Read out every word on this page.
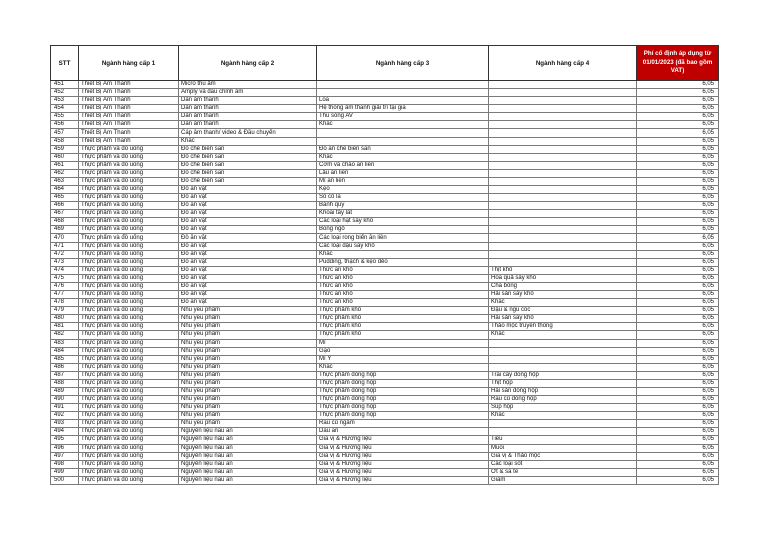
STT	Ngành hàng cấp 1	Ngành hàng cấp 2	Ngành hàng cấp 3	Ngành hàng cấp 4	Phí cố định áp dụng từ 01/01/2023 (đã bao gồm VAT)
451	Thiết Bị Âm Thanh	Micro thu âm			6,05
452	Thiết Bị Âm Thanh	Amply và đầu chỉnh âm			6,05
453	Thiết Bị Âm Thanh	Dàn âm thanh	Loa		6,05
454	Thiết Bị Âm Thanh	Dàn âm thanh	Hệ thống âm thanh giải trí tại gia		6,05
455	Thiết Bị Âm Thanh	Dàn âm thanh	Thu sóng AV		6,05
456	Thiết Bị Âm Thanh	Dàn âm thanh	Khác		6,05
457	Thiết Bị Âm Thanh	Cáp âm thanh/ video & Đầu chuyển			6,05
458	Thiết Bị Âm Thanh	Khác			6,05
459	Thực phẩm và đồ uống	Đồ chế biến sẵn	Đồ ăn chế biến sẵn		6,05
460	Thực phẩm và đồ uống	Đồ chế biến sẵn	Khác		6,05
461	Thực phẩm và đồ uống	Đồ chế biến sẵn	Cơm và cháo ăn liền		6,05
462	Thực phẩm và đồ uống	Đồ chế biến sẵn	Lẩu ăn liền		6,05
463	Thực phẩm và đồ uống	Đồ chế biến sẵn	Mì ăn liền		6,05
464	Thực phẩm và đồ uống	Đồ ăn vặt	Kẹo		6,05
465	Thực phẩm và đồ uống	Đồ ăn vặt	Sô cô la		6,05
466	Thực phẩm và đồ uống	Đồ ăn vặt	Bánh quy		6,05
467	Thực phẩm và đồ uống	Đồ ăn vặt	Khoai tây lát		6,05
468	Thực phẩm và đồ uống	Đồ ăn vặt	Các loại hạt sấy khô		6,05
469	Thực phẩm và đồ uống	Đồ ăn vặt	Bỏng ngô		6,05
470	Thực phẩm và đồ uống	Đồ ăn vặt	Các loại rong biển ăn liền		6,05
471	Thực phẩm và đồ uống	Đồ ăn vặt	Các loại đậu sấy khô		6,05
472	Thực phẩm và đồ uống	Đồ ăn vặt	Khác		6,05
473	Thực phẩm và đồ uống	Đồ ăn vặt	Pudding, thạch & kẹo dẻo		6,05
474	Thực phẩm và đồ uống	Đồ ăn vặt	Thức ăn khô	Thịt khô	6,05
475	Thực phẩm và đồ uống	Đồ ăn vặt	Thức ăn khô	Hoa quả sấy khô	6,05
476	Thực phẩm và đồ uống	Đồ ăn vặt	Thức ăn khô	Chà bông	6,05
477	Thực phẩm và đồ uống	Đồ ăn vặt	Thức ăn khô	Hải sản sấy khô	6,05
478	Thực phẩm và đồ uống	Đồ ăn vặt	Thức ăn khô	Khác	6,05
479	Thực phẩm và đồ uống	Nhu yếu phẩm	Thực phẩm khô	Đậu & ngũ cốc	6,05
480	Thực phẩm và đồ uống	Nhu yếu phẩm	Thực phẩm khô	Hải sản sấy khô	6,05
481	Thực phẩm và đồ uống	Nhu yếu phẩm	Thực phẩm khô	Thảo mộc truyền thống	6,05
482	Thực phẩm và đồ uống	Nhu yếu phẩm	Thực phẩm khô	Khác	6,05
483	Thực phẩm và đồ uống	Nhu yếu phẩm	Mì		6,05
484	Thực phẩm và đồ uống	Nhu yếu phẩm	Gạo		6,05
485	Thực phẩm và đồ uống	Nhu yếu phẩm	Mì Ý		6,05
486	Thực phẩm và đồ uống	Nhu yếu phẩm	Khác		6,05
487	Thực phẩm và đồ uống	Nhu yếu phẩm	Thực phẩm đóng hộp	Trái cây đóng hộp	6,05
488	Thực phẩm và đồ uống	Nhu yếu phẩm	Thực phẩm đóng hộp	Thịt hộp	6,05
489	Thực phẩm và đồ uống	Nhu yếu phẩm	Thực phẩm đóng hộp	Hải sản đóng hộp	6,05
490	Thực phẩm và đồ uống	Nhu yếu phẩm	Thực phẩm đóng hộp	Rau củ đóng hộp	6,05
491	Thực phẩm và đồ uống	Nhu yếu phẩm	Thực phẩm đóng hộp	Súp hộp	6,05
492	Thực phẩm và đồ uống	Nhu yếu phẩm	Thực phẩm đóng hộp	Khác	6,05
493	Thực phẩm và đồ uống	Nhu yếu phẩm	Rau củ ngâm		6,05
494	Thực phẩm và đồ uống	Nguyên liệu nấu ăn	Dầu ăn		6,05
495	Thực phẩm và đồ uống	Nguyên liệu nấu ăn	Gia vị & Hương liệu	Tiêu	6,05
496	Thực phẩm và đồ uống	Nguyên liệu nấu ăn	Gia vị & Hương liệu	Muối	6,05
497	Thực phẩm và đồ uống	Nguyên liệu nấu ăn	Gia vị & Hương liệu	Gia vị & Thảo mộc	6,05
498	Thực phẩm và đồ uống	Nguyên liệu nấu ăn	Gia vị & Hương liệu	Các loại sốt	6,05
499	Thực phẩm và đồ uống	Nguyên liệu nấu ăn	Gia vị & Hương liệu	Ớt & sa tế	6,05
500	Thực phẩm và đồ uống	Nguyên liệu nấu ăn	Gia vị & Hương liệu	Giấm	6,05
